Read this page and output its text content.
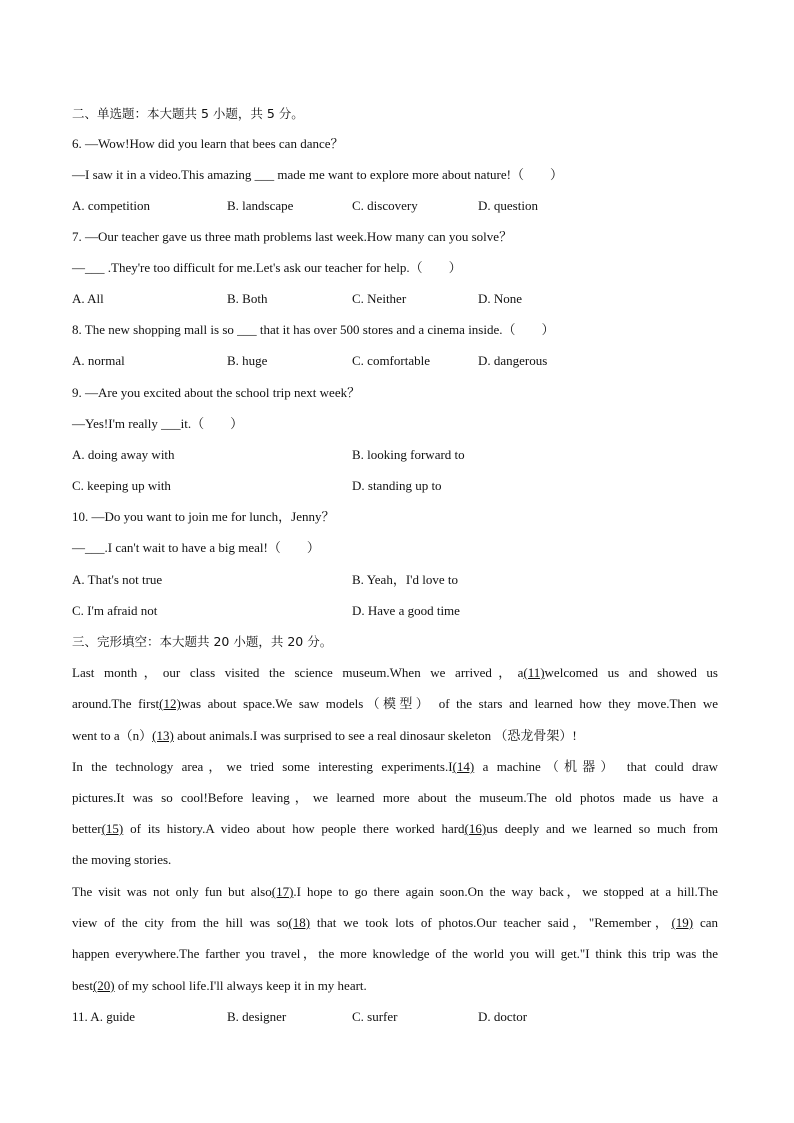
二、单选题：本大题共 5 小题，共 5 分。
6. —Wow!How did you learn that bees can dance？
—I saw it in a video.This amazing ___ made me want to explore more about nature!（　　）
A. competition	B. landscape	C. discovery	D. question
7. —Our teacher gave us three math problems last week.How many can you solve？
—___ .They're too difficult for me.Let's ask our teacher for help.（　　）
A. All	B. Both	C. Neither	D. None
8. The new shopping mall is so ___ that it has over 500 stores and a cinema inside.（　　）
A. normal	B. huge	C. comfortable	D. dangerous
9. —Are you excited about the school trip next week？
—Yes!I'm really ___it.（　　）
A. doing away with	B. looking forward to
C. keeping up with	D. standing up to
10. —Do you want to join me for lunch，Jenny？
—___.I can't wait to have a big meal!（　　）
A. That's not true	B. Yeah，I'd love to
C. I'm afraid not	D. Have a good time
三、完形填空：本大题共 20 小题，共 20 分。
Last month，our class visited the science museum.When we arrived，a(11)welcomed us and showed us
around.The first(12)was about space.We saw models（模型） of the stars and learned how they move.Then we
went to a（n）(13) about animals.I was surprised to see a real dinosaur skeleton （恐龙骨架）!
In the technology area，we tried some interesting experiments.I(14) a machine（机器） that could draw
pictures.It was so cool!Before leaving，we learned more about the museum.The old photos made us have a
better(15) of its history.A video about how people there worked hard(16)us deeply and we learned so much from
the moving stories.
The visit was not only fun but also(17).I hope to go there again soon.On the way back，we stopped at a hill.The
view of the city from the hill was so(18) that we took lots of photos.Our teacher said，"Remember，(19) can
happen everywhere.The farther you travel，the more knowledge of the world you will get."I think this trip was the
best(20) of my school life.I'll always keep it in my heart.
11. A. guide	B. designer	C. surfer	D. doctor
